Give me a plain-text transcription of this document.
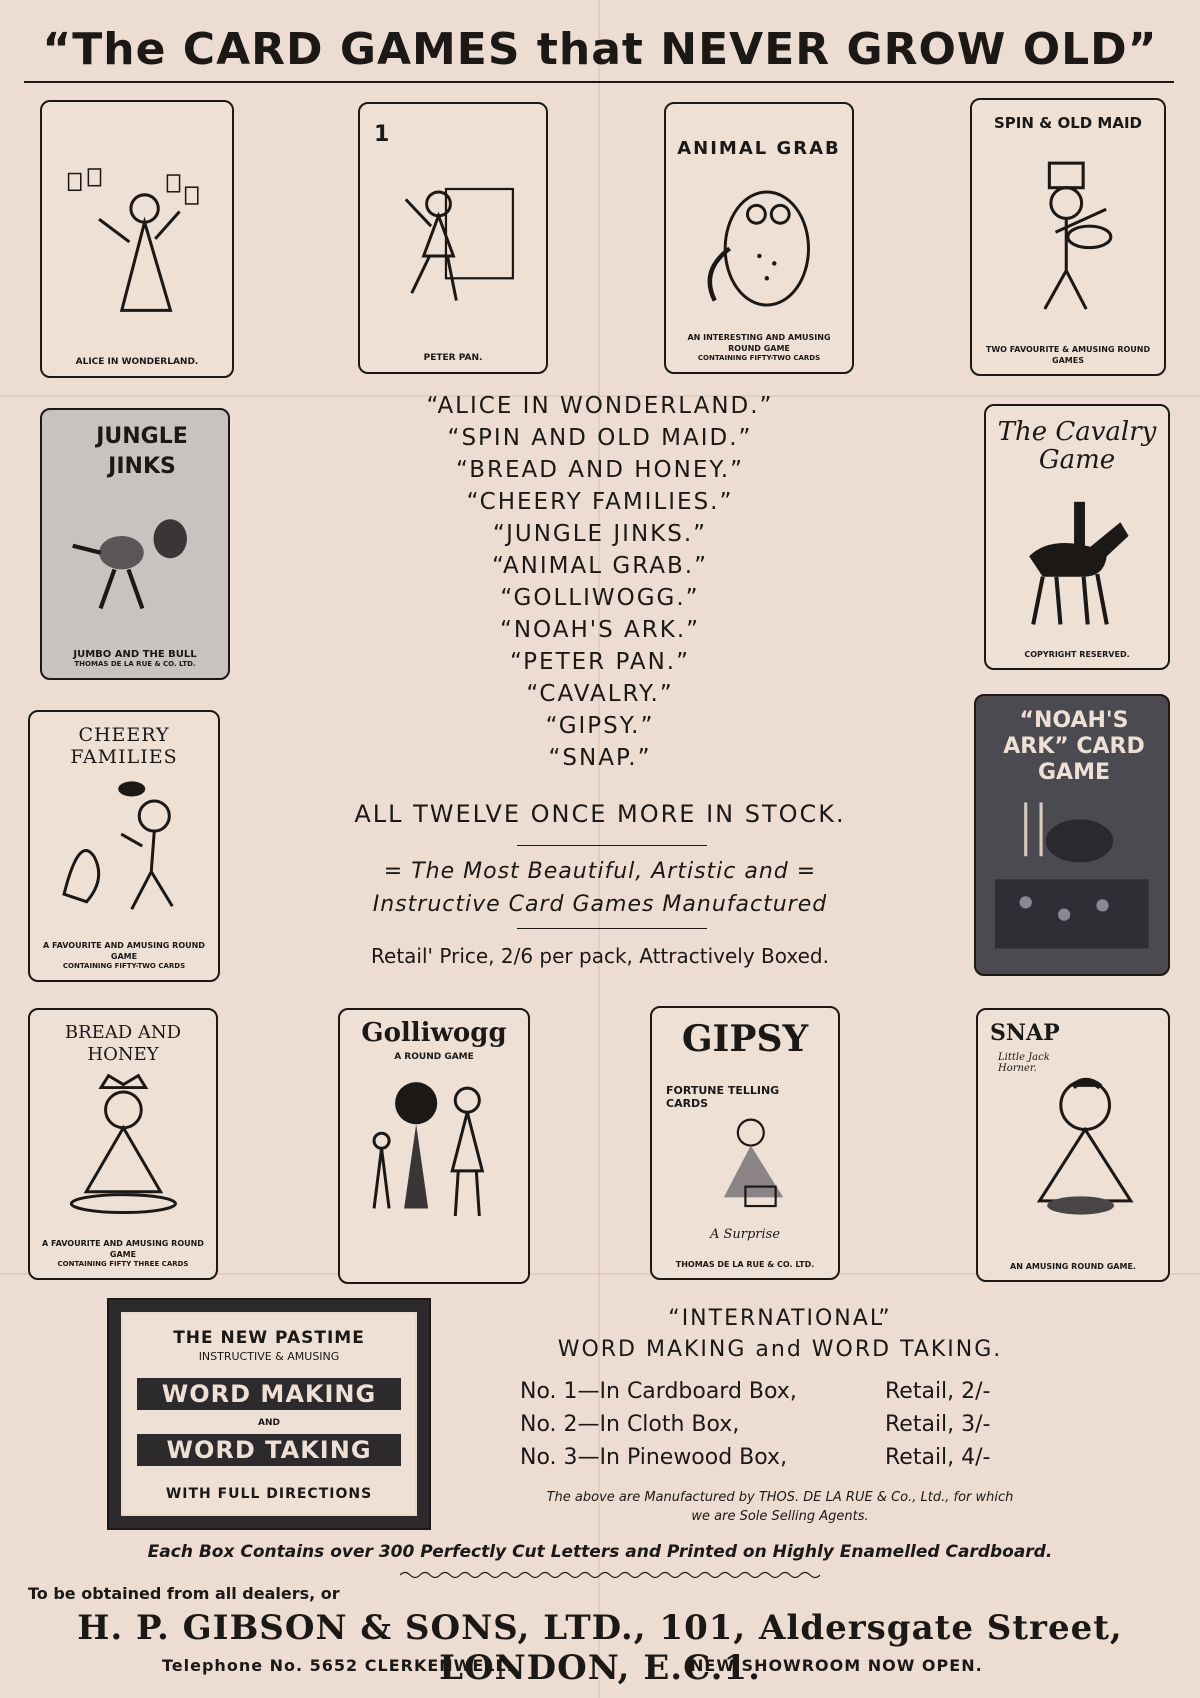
“The CARD GAMES that NEVER GROW OLD”
ALICE IN WONDERLAND.
1
PETER PAN.
ANIMAL GRAB
AN INTERESTING AND AMUSING ROUND GAME
CONTAINING FIFTY-TWO CARDS
SPIN & OLD MAID
TWO FAVOURITE & AMUSING ROUND GAMES
JUNGLE JINKS
JUMBO AND THE BULL
THOMAS DE LA RUE & CO. LTD.
The Cavalry Game
COPYRIGHT RESERVED.
CHEERY FAMILIES
A FAVOURITE AND AMUSING ROUND GAME
CONTAINING FIFTY-TWO CARDS
“NOAH'S ARK” CARD GAME
BREAD AND HONEY
A FAVOURITE AND AMUSING ROUND GAME
CONTAINING FIFTY THREE CARDS
Golliwogg
A ROUND GAME	GIPSY
FORTUNE TELLING CARDS
A Surprise
THOMAS DE LA RUE & CO. LTD.
SNAP
Little Jack Horner.
AN AMUSING ROUND GAME.
“ALICE IN WONDERLAND.”
“SPIN AND OLD MAID.”
“BREAD AND HONEY.”
“CHEERY FAMILIES.”
“JUNGLE JINKS.”
“ANIMAL GRAB.”
“GOLLIWOGG.”
“NOAH'S ARK.”
“PETER PAN.”
“CAVALRY.”
“GIPSY.”
“SNAP.”
ALL TWELVE ONCE MORE IN STOCK.
= The Most Beautiful, Artistic and =
Instructive Card Games Manufactured
Retail' Price, 2/6 per pack, Attractively Boxed.
THE NEW PASTIME
INSTRUCTIVE & AMUSING
WORD MAKING
AND
WORD TAKING
WITH FULL DIRECTIONS
“INTERNATIONAL”
WORD MAKING and WORD TAKING.
No. 1—In Cardboard Box,	Retail, 2/-
No. 2—In Cloth Box,	Retail, 3/-
No. 3—In Pinewood Box,	Retail, 4/-
The above are Manufactured by THOS. DE LA RUE & Co., Ltd., for which
we are Sole Selling Agents.
Each Box Contains over 300 Perfectly Cut Letters and Printed on Highly Enamelled Cardboard.
To be obtained from all dealers, or
H. P. GIBSON & SONS, LTD., 101, Aldersgate Street, LONDON, E.C.1.
Telephone No. 5652 CLERKENWELL.	NEW SHOWROOM NOW OPEN.
